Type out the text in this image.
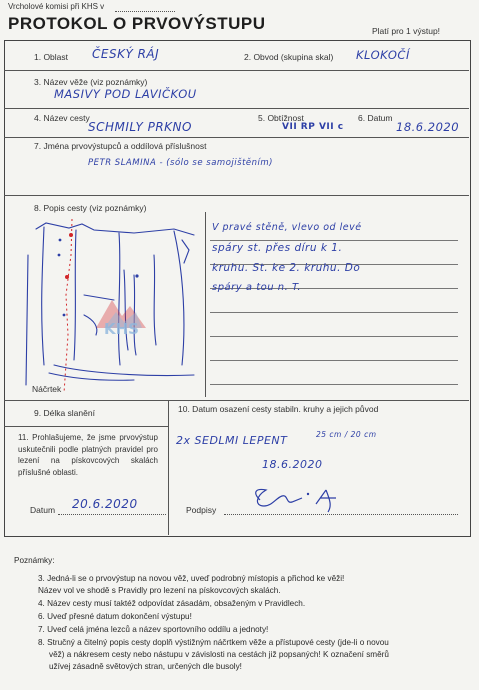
Vrcholové komisi při KHS v
PROTOKOL O PRVOVÝSTUPU	Platí pro 1 výstup!
1. Oblast ČESKÝ RÁJ	2. Obvod (skupina skal) KLOKOČÍ
3. Název věže (viz poznámky)
MASIVY POD LAVIČKOU
4. Název cesty
SCHMILY PRKNO
5. Obtížnost
VII RP VII c
6. Datum
18.6.2020
7. Jména prvovýstupců a oddílová příslušnost
PETR SLAMINA - (sólo se samojištěním)
8. Popis cesty (viz poznámky)
Náčrtek
V pravé stěně, vlevo od levé
spáry st. přes díru k 1.
kruhu. St. ke 2. kruhu. Do
spáry a tou n. T.
KHS
9. Délka slanění	10. Datum osazení cesty stabiln. kruhy a jejich původ
2x SEDLMI LEPENT	25 cm / 20 cm
18.6.2020
11. Prohlašujeme, že jsme prvovýstup uskutečnili podle platných pravidel pro lezení na pískovcových skalách příslušné oblasti.
Datum 20.6.2020	Podpisy
Poznámky:
3. Jedná-li se o prvovýstup na novou věž, uveď podrobný místopis a přichod ke věži!
Název vol ve shodě s Pravidly pro lezení na pískovcových skalách.
4. Název cesty musí taktéž odpovídat zásadám, obsaženým v Pravidlech.
6. Uveď přesné datum dokončení výstupu!
7. Uveď celá jména lezců a název sportovního oddílu a jednoty!
8. Stručný a čitelný popis cesty doplň výstižným náčrtkem věže a přístupové cesty (jde-li o novou
věž) a nákresem cesty nebo nástupu v závislosti na cestách již popsaných! K označení směrů
užívej zásadně světových stran, určených dle busoly!
